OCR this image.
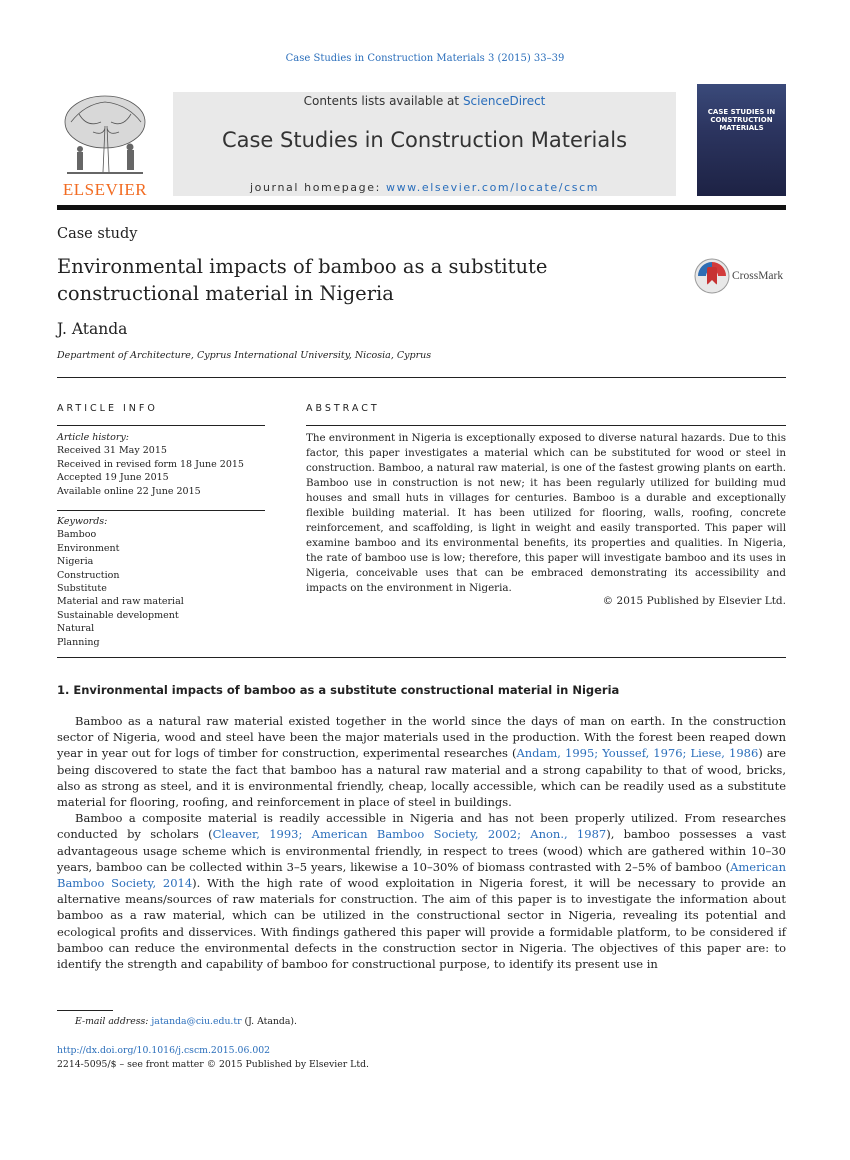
Case Studies in Construction Materials 3 (2015) 33–39
ELSEVIER
Contents lists available at ScienceDirect
Case Studies in Construction Materials
journal homepage: www.elsevier.com/locate/cscm
CASE STUDIES IN CONSTRUCTION MATERIALS
Case study
Environmental impacts of bamboo as a substitute
constructional material in Nigeria
CrossMark
J. Atanda
Department of Architecture, Cyprus International University, Nicosia, Cyprus
ARTICLE INFO
Article history:
Received 31 May 2015
Received in revised form 18 June 2015
Accepted 19 June 2015
Available online 22 June 2015
Keywords:
Bamboo
Environment
Nigeria
Construction
Substitute
Material and raw material
Sustainable development
Natural
Planning
ABSTRACT
The environment in Nigeria is exceptionally exposed to diverse natural hazards. Due to this factor, this paper investigates a material which can be substituted for wood or steel in construction. Bamboo, a natural raw material, is one of the fastest growing plants on earth. Bamboo use in construction is not new; it has been regularly utilized for building mud houses and small huts in villages for centuries. Bamboo is a durable and exceptionally flexible building material. It has been utilized for flooring, walls, roofing, concrete reinforcement, and scaffolding, is light in weight and easily transported. This paper will examine bamboo and its environmental benefits, its properties and qualities. In Nigeria, the rate of bamboo use is low; therefore, this paper will investigate bamboo and its uses in Nigeria, conceivable uses that can be embraced demonstrating its accessibility and impacts on the environment in Nigeria.
© 2015 Published by Elsevier Ltd.
1. Environmental impacts of bamboo as a substitute constructional material in Nigeria

Bamboo as a natural raw material existed together in the world since the days of man on earth. In the construction sector of Nigeria, wood and steel have been the major materials used in the production. With the forest been reaped down year in year out for logs of timber for construction, experimental researches (Andam, 1995; Youssef, 1976; Liese, 1986) are being discovered to state the fact that bamboo has a natural raw material and a strong capability to that of wood, bricks, also as strong as steel, and it is environmental friendly, cheap, locally accessible, which can be readily used as a substitute material for flooring, roofing, and reinforcement in place of steel in buildings.

Bamboo a composite material is readily accessible in Nigeria and has not been properly utilized. From researches conducted by scholars (Cleaver, 1993; American Bamboo Society, 2002; Anon., 1987), bamboo possesses a vast advantageous usage scheme which is environmental friendly, in respect to trees (wood) which are gathered within 10–30 years, bamboo can be collected within 3–5 years, likewise a 10–30% of biomass contrasted with 2–5% of bamboo (American Bamboo Society, 2014). With the high rate of wood exploitation in Nigeria forest, it will be necessary to provide an alternative means/sources of raw materials for construction. The aim of this paper is to investigate the information about bamboo as a raw material, which can be utilized in the constructional sector in Nigeria, revealing its potential and ecological profits and disservices. With findings gathered this paper will provide a formidable platform, to be considered if bamboo can reduce the environmental defects in the construction sector in Nigeria. The objectives of this paper are: to identify the strength and capability of bamboo for constructional purpose, to identify its present use in

E-mail address: jatanda@ciu.edu.tr (J. Atanda).
http://dx.doi.org/10.1016/j.cscm.2015.06.002
2214-5095/$ – see front matter © 2015 Published by Elsevier Ltd.
